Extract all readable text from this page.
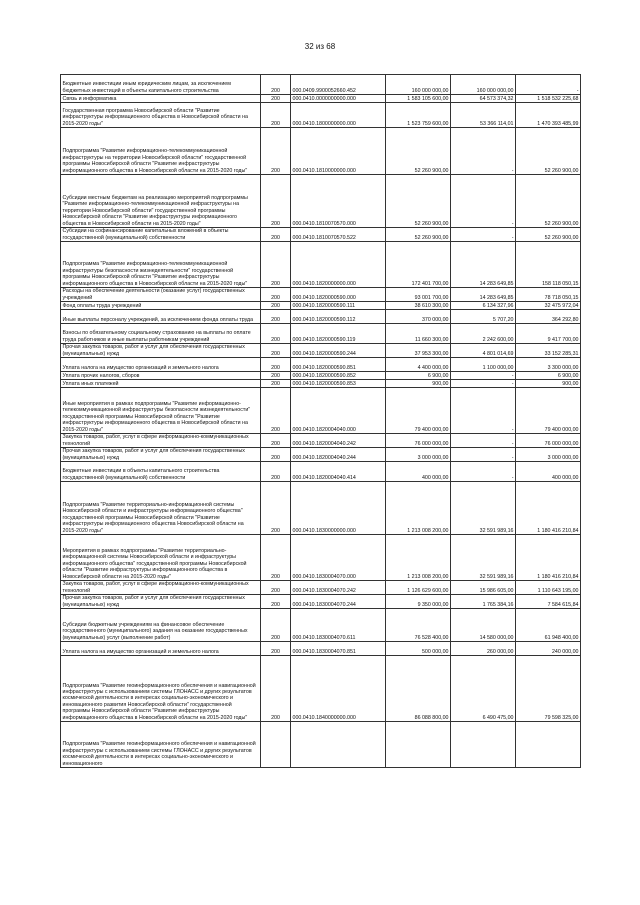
32 из 68
Бюджетные инвестиции иным юридическим лицам, за исключением бюджетных инвестиций в объекты капитального строительства	200	000.0409.9900052660.452	160 000 000,00	160 000 000,00	-
Связь и информатика	200	000.0410.0000000000.000	1 583 105 600,00	64 573 374,32	1 518 532 225,68
Государственная программа Новосибирской области "Развитие инфраструктуры информационного общества в Новосибирской области на 2015-2020 годы"	200	000.0410.1800000000.000	1 523 759 600,00	53 366 114,01	1 470 393 485,99
Подпрограмма "Развитие информационно-телекоммуникационной инфраструктуры на территории Новосибирской области" государственной программы Новосибирской области "Развитие инфраструктуры информационного общества в Новосибирской области на 2015-2020 годы"	200	000.0410.1810000000.000	52 260 900,00	-	52 260 900,00
Субсидии местным бюджетам на реализацию мероприятий подпрограммы "Развитие информационно-телекоммуникационной инфраструктуры на территории Новосибирской области" государственной программы Новосибирской области "Развитие инфраструктуры информационного общества в Новосибирской области на 2015-2020 годы"	200	000.0410.1810070570.000	52 260 900,00	-	52 260 900,00
Субсидии на софинансирование капитальных вложений в объекты государственной (муниципальной) собственности	200	000.0410.1810070570.522	52 260 900,00	-	52 260 900,00
Подпрограмма "Развитие информационно-телекоммуникационной инфраструктуры безопасности жизнедеятельности" государственной программы Новосибирской области "Развитие инфраструктуры информационного общества в Новосибирской области на 2015-2020 годы"	200	000.0410.1820000000.000	172 401 700,00	14 283 649,85	158 118 050,15
Расходы на обеспечение деятельности (оказание услуг) государственных учреждений	200	000.0410.1820000590.000	93 001 700,00	14 283 649,85	78 718 050,15
Фонд оплаты труда учреждений	200	000.0410.1820000590.111	38 610 300,00	6 134 327,96	32 475 972,04
Иные выплаты персоналу учреждений, за исключением фонда оплаты труда	200	000.0410.1820000590.112	370 000,00	5 707,20	364 292,80
Взносы по обязательному социальному страхованию на выплаты по оплате труда работников и иные выплаты работникам учреждений	200	000.0410.1820000590.119	11 660 300,00	2 242 600,00	9 417 700,00
Прочая закупка товаров, работ и услуг для обеспечения государственных (муниципальных) нужд	200	000.0410.1820000590.244	37 953 300,00	4 801 014,69	33 152 285,31
Уплата налога на имущество организаций и земельного налога	200	000.0410.1820000590.851	4 400 000,00	1 100 000,00	3 300 000,00
Уплата прочих налогов, сборов	200	000.0410.1820000590.852	6 900,00	-	6 900,00
Уплата иных платежей	200	000.0410.1820000590.853	900,00	-	900,00
Иные мероприятия в рамках подпрограммы "Развитие информационно-телекоммуникационной инфраструктуры безопасности жизнедеятельности" государственной программы Новосибирской области "Развитие инфраструктуры информационного общества в Новосибирской области на 2015-2020 годы"	200	000.0410.1820004040.000	79 400 000,00	-	79 400 000,00
Закупка товаров, работ, услуг в сфере информационно-коммуникационных технологий	200	000.0410.1820004040.242	76 000 000,00	-	76 000 000,00
Прочая закупка товаров, работ и услуг для обеспечения государственных (муниципальных) нужд	200	000.0410.1820004040.244	3 000 000,00	-	3 000 000,00
Бюджетные инвестиции в объекты капитального строительства государственной (муниципальной) собственности	200	000.0410.1820004040.414	400 000,00	-	400 000,00
Подпрограмма "Развитие территориально-информационной системы Новосибирской области и инфраструктуры информационного общества" государственной программы Новосибирской области "Развитие инфраструктуры информационного общества Новосибирской области на 2015-2020 годы"	200	000.0410.1830000000.000	1 213 008 200,00	32 591 989,16	1 180 416 210,84
Мероприятия в рамках подпрограммы "Развитие территориально-информационной системы Новосибирской области и инфраструктуры информационного общества" государственной программы Новосибирской области "Развитие инфраструктуры информационного общества в Новосибирской области на 2015-2020 годы"	200	000.0410.1830004070.000	1 213 008 200,00	32 591 989,16	1 180 416 210,84
Закупка товаров, работ, услуг в сфере информационно-коммуникационных технологий	200	000.0410.1830004070.242	1 126 629 600,00	15 986 605,00	1 110 643 195,00
Прочая закупка товаров, работ и услуг для обеспечения государственных (муниципальных) нужд	200	000.0410.1830004070.244	9 350 000,00	1 765 384,16	7 584 615,84
Субсидии бюджетным учреждениям на финансовое обеспечение государственного (муниципального) задания на оказание государственных (муниципальных) услуг (выполнение работ)	200	000.0410.1830004070.611	76 528 400,00	14 580 000,00	61 948 400,00
Уплата налога на имущество организаций и земельного налога	200	000.0410.1830004070.851	500 000,00	260 000,00	240 000,00
Подпрограмма "Развитие геоинформационного обеспечения и навигационной инфраструктуры с использованием системы ГЛОНАСС и других результатов космической деятельности в интересах социально-экономического и инновационного развития Новосибирской области" государственной программы Новосибирской области "Развитие инфраструктуры информационного общества в Новосибирской области на 2015-2020 годы"	200	000.0410.1840000000.000	86 088 800,00	6 490 475,00	79 598 325,00
Подпрограмма "Развитие геоинформационного обеспечения и навигационной инфраструктуры с использованием системы ГЛОНАСС и других результатов космической деятельности в интересах социально-экономического и инновационного					
